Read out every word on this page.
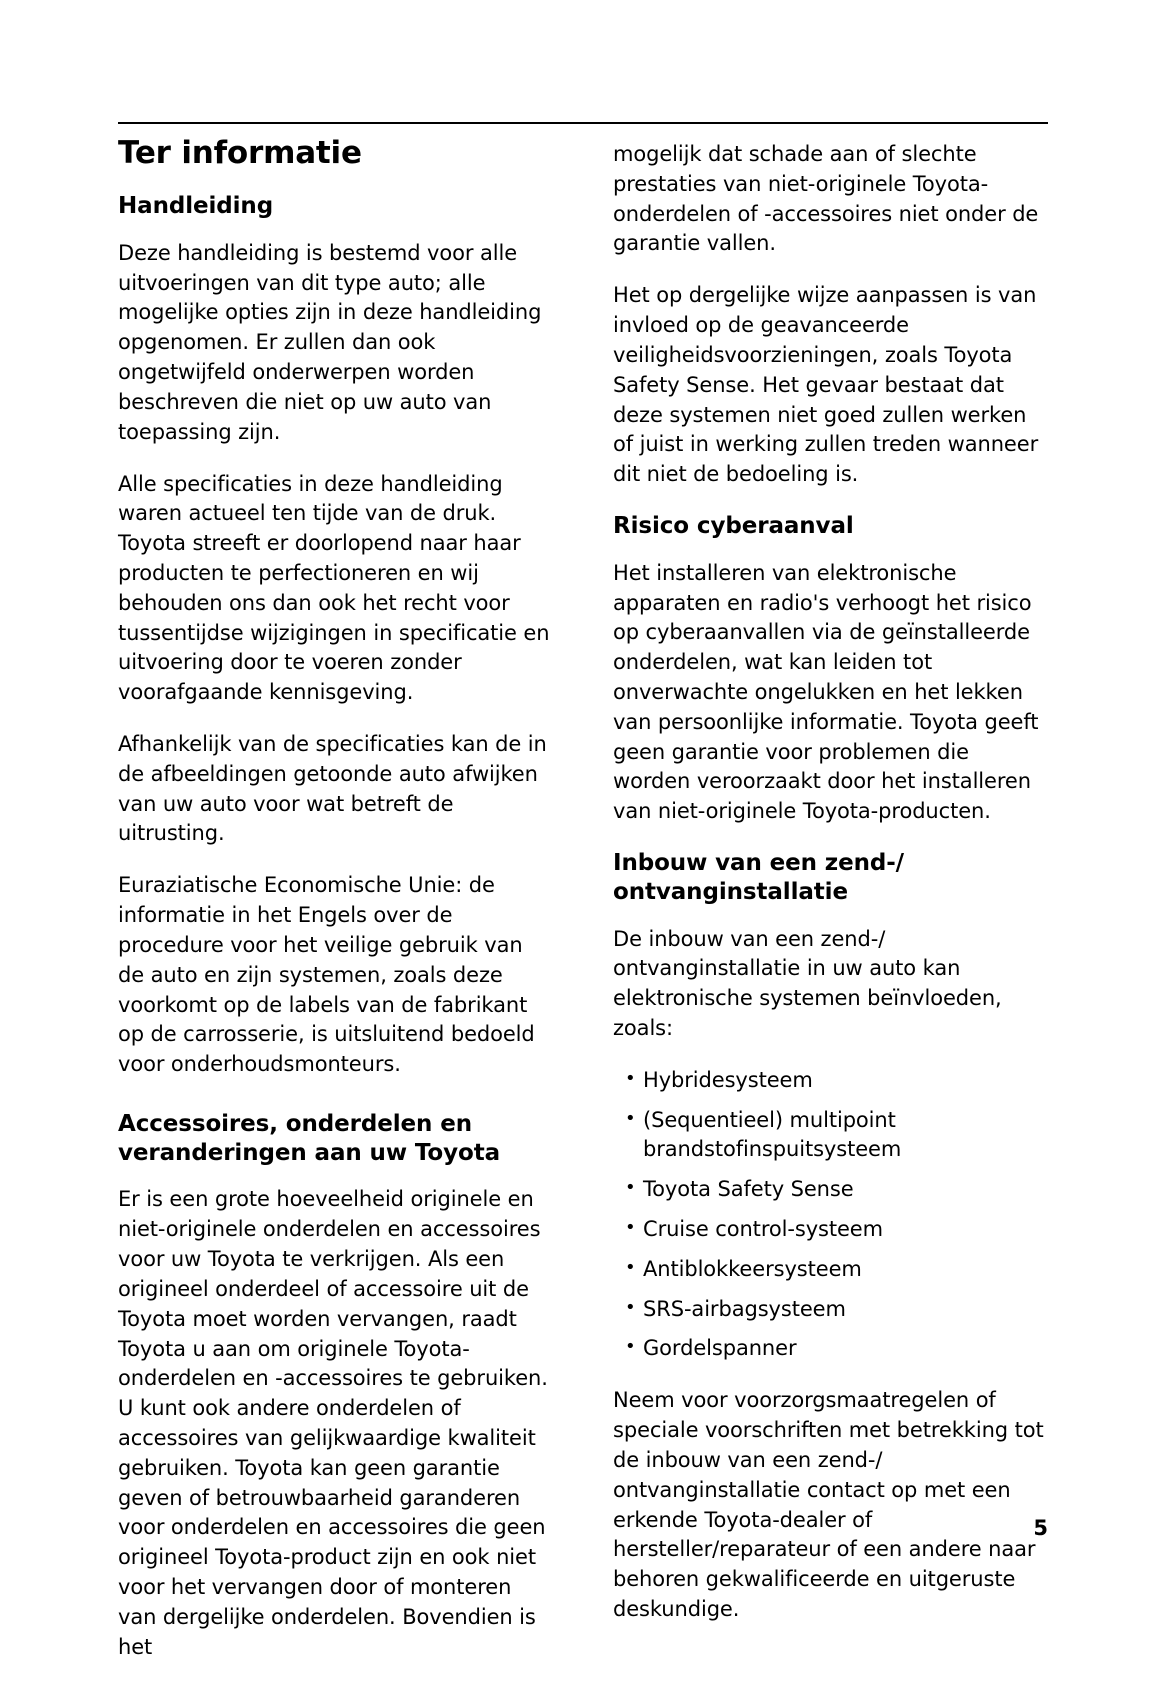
Ter informatie
Handleiding

Deze handleiding is bestemd voor alle uitvoeringen van dit type auto; alle mogelijke opties zijn in deze handleiding opgenomen. Er zullen dan ook ongetwijfeld onderwerpen worden beschreven die niet op uw auto van toepassing zijn.

Alle specificaties in deze handleiding waren actueel ten tijde van de druk. Toyota streeft er doorlopend naar haar producten te perfectioneren en wij behouden ons dan ook het recht voor tussentijdse wijzigingen in specificatie en uitvoering door te voeren zonder voorafgaande kennisgeving.

Afhankelijk van de specificaties kan de in de afbeeldingen getoonde auto afwijken van uw auto voor wat betreft de uitrusting.

Euraziatische Economische Unie: de informatie in het Engels over de procedure voor het veilige gebruik van de auto en zijn systemen, zoals deze voorkomt op de labels van de fabrikant op de carrosserie, is uitsluitend bedoeld voor onderhoudsmonteurs.

Accessoires, onderdelen en veranderingen aan uw Toyota

Er is een grote hoeveelheid originele en niet-originele onderdelen en accessoires voor uw Toyota te verkrijgen. Als een origineel onderdeel of accessoire uit de Toyota moet worden vervangen, raadt Toyota u aan om originele Toyota-onderdelen en -accessoires te gebruiken. U kunt ook andere onderdelen of accessoires van gelijkwaardige kwaliteit gebruiken. Toyota kan geen garantie geven of betrouwbaarheid garanderen voor onderdelen en accessoires die geen origineel Toyota-product zijn en ook niet voor het vervangen door of monteren van dergelijke onderdelen. Bovendien is het

mogelijk dat schade aan of slechte prestaties van niet-originele Toyota-onderdelen of -accessoires niet onder de garantie vallen.

Het op dergelijke wijze aanpassen is van invloed op de geavanceerde veiligheidsvoorzieningen, zoals Toyota Safety Sense. Het gevaar bestaat dat deze systemen niet goed zullen werken of juist in werking zullen treden wanneer dit niet de bedoeling is.

Risico cyberaanval

Het installeren van elektronische apparaten en radio's verhoogt het risico op cyberaanvallen via de geïnstalleerde onderdelen, wat kan leiden tot onverwachte ongelukken en het lekken van persoonlijke informatie. Toyota geeft geen garantie voor problemen die worden veroorzaakt door het installeren van niet-originele Toyota-producten.

Inbouw van een zend-/ ontvanginstallatie

De inbouw van een zend-/ ontvanginstallatie in uw auto kan elektronische systemen beïnvloeden, zoals:

• Hybridesysteem
• (Sequentieel) multipoint brandstofinspuitsysteem
• Toyota Safety Sense
• Cruise control-systeem
• Antiblokkeersysteem
• SRS-airbagsysteem
• Gordelspanner

Neem voor voorzorgsmaatregelen of speciale voorschriften met betrekking tot de inbouw van een zend-/ ontvanginstallatie contact op met een erkende Toyota-dealer of hersteller/reparateur of een andere naar behoren gekwalificeerde en uitgeruste deskundige.

5
